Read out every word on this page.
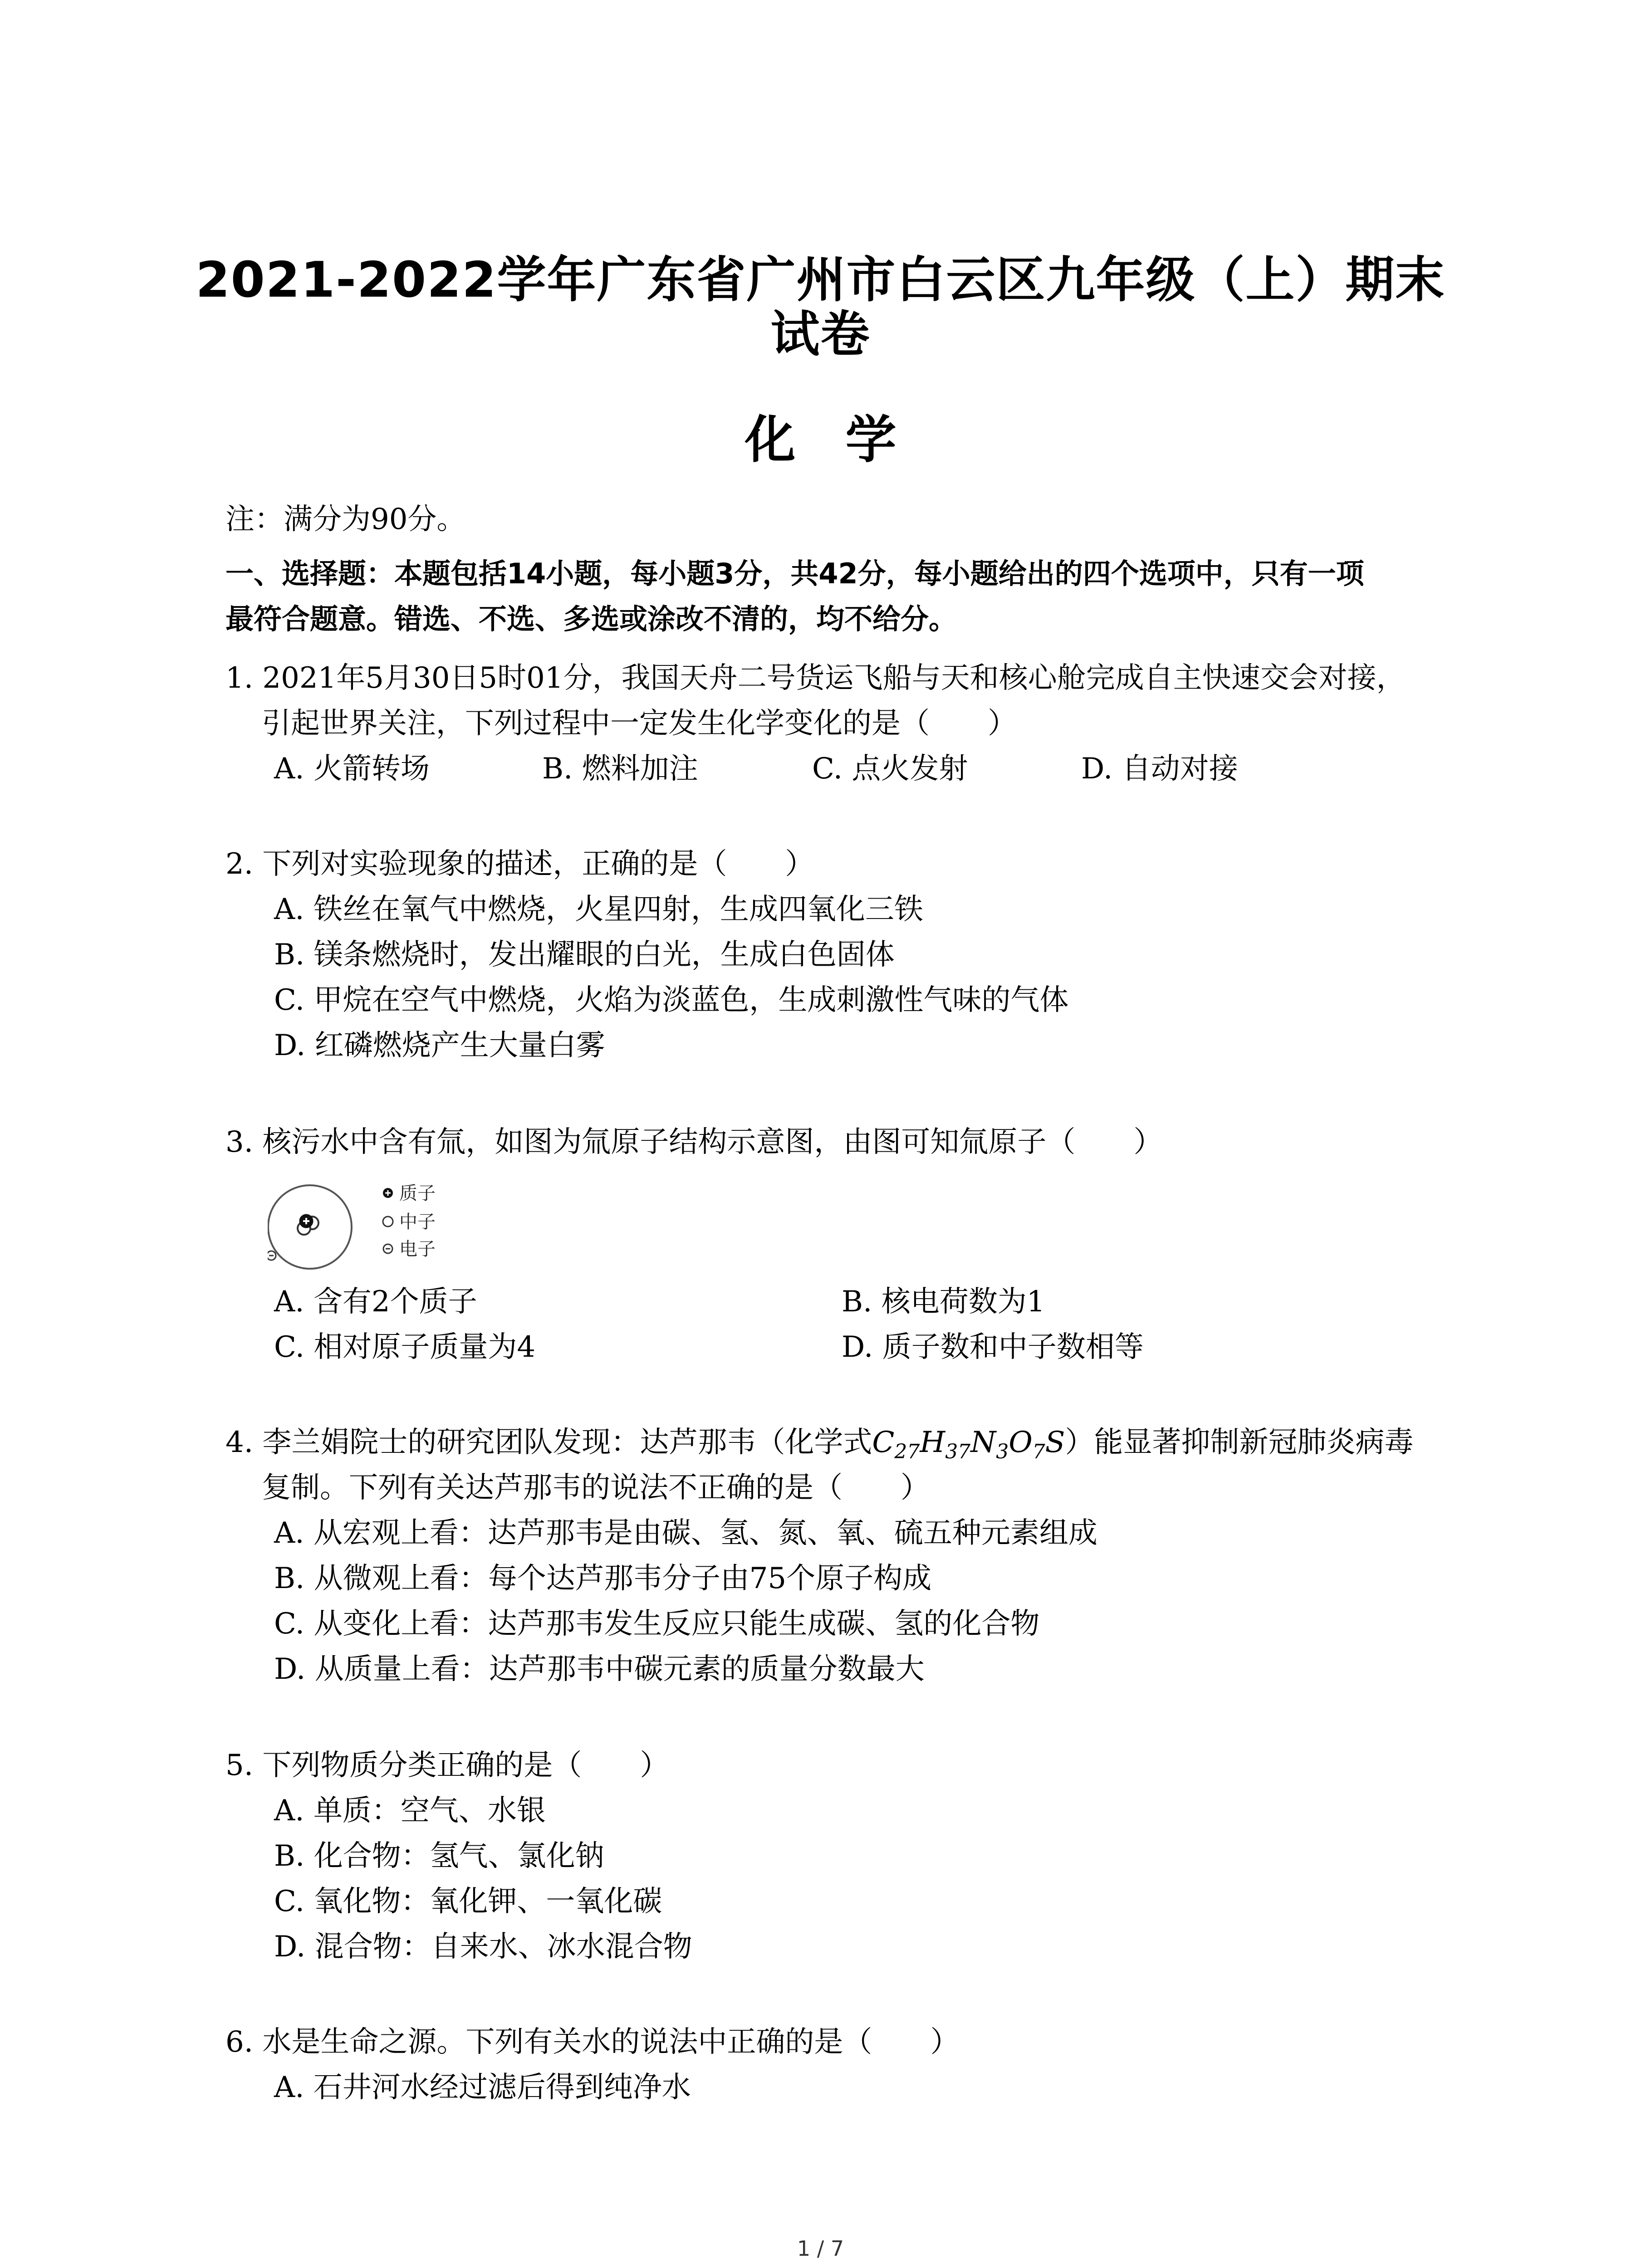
2021-2022学年广东省广州市白云区九年级（上）期末
试卷
化学
注：满分为90分。
一、选择题：本题包括14小题，每小题3分，共42分，每小题给出的四个选项中，只有一项
最符合题意。错选、不选、多选或涂改不清的，均不给分。
1. 2021年5月30日5时01分，我国天舟二号货运飞船与天和核心舱完成自主快速交会对接，
引起世界关注，下列过程中一定发生化学变化的是（　　）
A. 火箭转场	B. 燃料加注	C. 点火发射	D. 自动对接
2. 下列对实验现象的描述，正确的是（　　）
A. 铁丝在氧气中燃烧，火星四射，生成四氧化三铁
B. 镁条燃烧时，发出耀眼的白光，生成白色固体
C. 甲烷在空气中燃烧，火焰为淡蓝色，生成刺激性气味的气体
D. 红磷燃烧产生大量白雾
3. 核污水中含有氚，如图为氚原子结构示意图，由图可知氚原子（　　）
质子
中子
电子
A. 含有2个质子	B. 核电荷数为1
C. 相对原子质量为4	D. 质子数和中子数相等
4. 李兰娟院士的研究团队发现：达芦那韦（化学式$C_{27}H_{37}N_3O_7S$）能显著抑制新冠肺炎病毒
复制。下列有关达芦那韦的说法不正确的是（　　）
A. 从宏观上看：达芦那韦是由碳、氢、氮、氧、硫五种元素组成
B. 从微观上看：每个达芦那韦分子由75个原子构成
C. 从变化上看：达芦那韦发生反应只能生成碳、氢的化合物
D. 从质量上看：达芦那韦中碳元素的质量分数最大
5. 下列物质分类正确的是（　　）
A. 单质：空气、水银
B. 化合物：氢气、氯化钠
C. 氧化物：氧化钾、一氧化碳
D. 混合物：自来水、冰水混合物
6. 水是生命之源。下列有关水的说法中正确的是（　　）
A. 石井河水经过滤后得到纯净水
1 / 7
